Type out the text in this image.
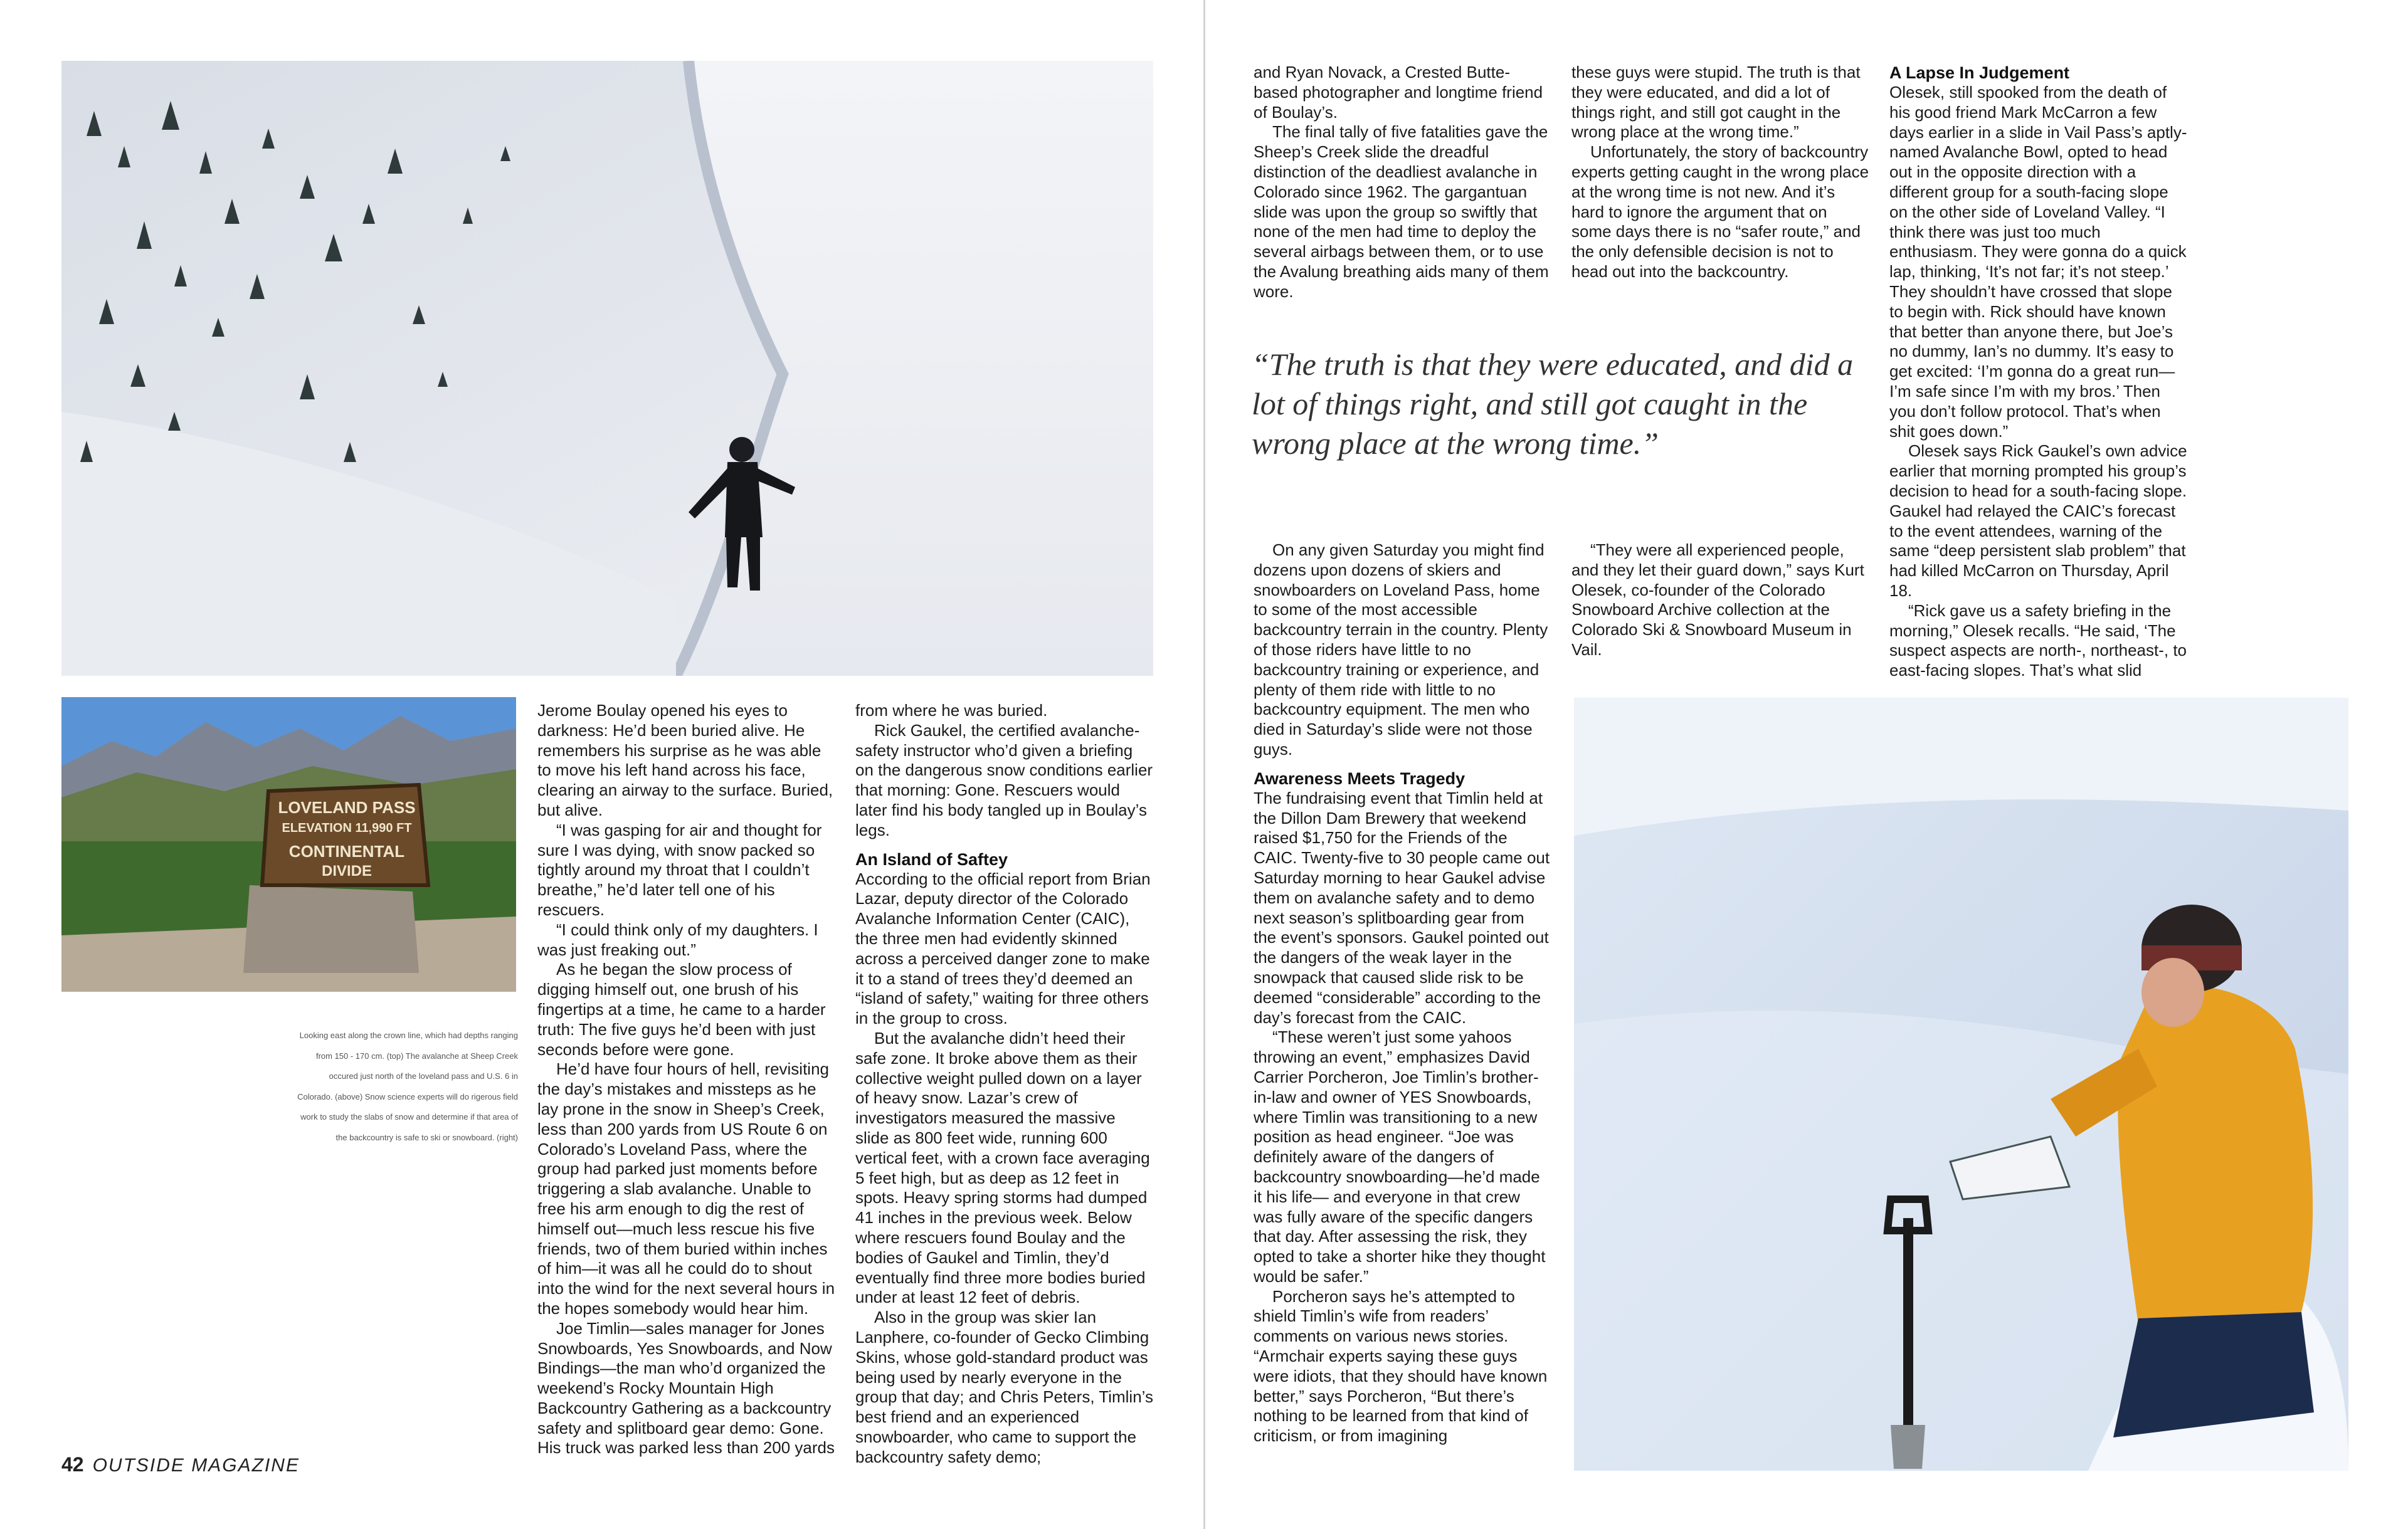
LOVELAND PASS
ELEVATION 11,990 FT
CONTINENTAL
DIVIDE
Looking east along the crown line, which had depths ranging from 150 - 170 cm. (top) The avalanche at Sheep Creek occured just north of the loveland pass and U.S. 6 in Colorado. (above) Snow science experts will do rigerous field work to study the slabs of snow and determine if that area of the backcountry is safe to ski or snowboard. (right)

Jerome Boulay opened his eyes to darkness: He’d been buried alive. He remembers his surprise as he was able to move his left hand across his face, clearing an airway to the surface. Buried, but alive.

“I was gasping for air and thought for sure I was dying, with snow packed so tightly around my throat that I couldn’t breathe,” he’d later tell one of his rescuers.

“I could think only of my daughters. I was just freaking out.”

As he began the slow process of digging himself out, one brush of his fingertips at a time, he came to a harder truth: The five guys he’d been with just seconds before were gone.

He’d have four hours of hell, revisiting the day’s mistakes and missteps as he lay prone in the snow in Sheep’s Creek, less than 200 yards from US Route 6 on Colorado’s Loveland Pass, where the group had parked just moments before triggering a slab avalanche. Unable to free his arm enough to dig the rest of himself out—much less rescue his five friends, two of them buried within inches of him—it was all he could do to shout into the wind for the next several hours in the hopes somebody would hear him.

Joe Timlin—sales manager for Jones Snowboards, Yes Snowboards, and Now Bindings—the man who’d organized the weekend’s Rocky Mountain High Backcountry Gathering as a backcountry safety and splitboard gear demo: Gone. His truck was parked less than 200 yards

from where he was buried.

Rick Gaukel, the certified avalanche-safety instructor who’d given a briefing on the dangerous snow conditions earlier that morning: Gone. Rescuers would later find his body tangled up in Boulay’s legs.

An Island of Saftey

According to the official report from Brian Lazar, deputy director of the Colorado Avalanche Information Center (CAIC), the three men had evidently skinned across a perceived danger zone to make it to a stand of trees they’d deemed an “island of safety,” waiting for three others in the group to cross.

But the avalanche didn’t heed their safe zone. It broke above them as their collective weight pulled down on a layer of heavy snow. Lazar’s crew of investigators measured the massive slide as 800 feet wide, running 600 vertical feet, with a crown face averaging 5 feet high, but as deep as 12 feet in spots. Heavy spring storms had dumped 41 inches in the previous week. Below where rescuers found Boulay and the bodies of Gaukel and Timlin, they’d eventually find three more bodies buried under at least 12 feet of debris.

Also in the group was skier Ian Lanphere, co-founder of Gecko Climbing Skins, whose gold-standard product was being used by nearly everyone in the group that day; and Chris Peters, Timlin’s best friend and an experienced snowboarder, who came to support the backcountry safety demo;

and Ryan Novack, a Crested Butte-based photographer and longtime friend of Boulay’s.

The final tally of five fatalities gave the Sheep’s Creek slide the dreadful distinction of the deadliest avalanche in Colorado since 1962. The gargantuan slide was upon the group so swiftly that none of the men had time to deploy the several airbags between them, or to use the Avalung breathing aids many of them wore.

these guys were stupid. The truth is that they were educated, and did a lot of things right, and still got caught in the wrong place at the wrong time.”

Unfortunately, the story of backcountry experts getting caught in the wrong place at the wrong time is not new. And it’s hard to ignore the argument that on some days there is no “safer route,” and the only defensible decision is not to head out into the backcountry.

A Lapse In Judgement

Olesek, still spooked from the death of his good friend Mark McCarron a few days earlier in a slide in Vail Pass’s aptly-named Avalanche Bowl, opted to head out in the opposite direction with a different group for a south-facing slope on the other side of Loveland Valley. “I think there was just too much enthusiasm. They were gonna do a quick lap, thinking, ‘It’s not far; it’s not steep.’ They shouldn’t have crossed that slope to begin with. Rick should have known that better than anyone there, but Joe’s no dummy, Ian’s no dummy. It’s easy to get excited: ‘I’m gonna do a great run—I’m safe since I’m with my bros.’ Then you don’t follow protocol. That’s when shit goes down.”

Olesek says Rick Gaukel’s own advice earlier that morning prompted his group’s decision to head for a south-facing slope. Gaukel had relayed the CAIC’s forecast to the event attendees, warning of the same “deep persistent slab problem” that had killed McCarron on Thursday, April 18.

“Rick gave us a safety briefing in the morning,” Olesek recalls. “He said, ‘The suspect aspects are north-, northeast-, to east-facing slopes. That’s what slid

“The truth is that they were educated, and did a lot of things right, and still got caught in the wrong place at the wrong time.”

On any given Saturday you might find dozens upon dozens of skiers and snowboarders on Loveland Pass, home to some of the most accessible backcountry terrain in the country. Plenty of those riders have little to no backcountry training or experience, and plenty of them ride with little to no backcountry equipment. The men who died in Saturday’s slide were not those guys.

Awareness Meets Tragedy

The fundraising event that Timlin held at the Dillon Dam Brewery that weekend raised $1,750 for the Friends of the CAIC. Twenty-five to 30 people came out Saturday morning to hear Gaukel advise them on avalanche safety and to demo next season’s splitboarding gear from the event’s sponsors. Gaukel pointed out the dangers of the weak layer in the snowpack that caused slide risk to be deemed “considerable” according to the day’s forecast from the CAIC.

“These weren’t just some yahoos throwing an event,” emphasizes David Carrier Porcheron, Joe Timlin’s brother-in-law and owner of YES Snowboards, where Timlin was transitioning to a new position as head engineer. “Joe was definitely aware of the dangers of backcountry snowboarding—he’d made it his life— and everyone in that crew was fully aware of the specific dangers that day. After assessing the risk, they opted to take a shorter hike they thought would be safer.”

Porcheron says he’s attempted to shield Timlin’s wife from readers’ comments on various news stories. “Armchair experts saying these guys were idiots, that they should have known better,” says Porcheron, “But there’s nothing to be learned from that kind of criticism, or from imagining

“They were all experienced people, and they let their guard down,” says Kurt Olesek, co-founder of the Colorado Snowboard Archive collection at the Colorado Ski & Snowboard Museum in Vail.

42 OUTSIDE MAGAZINE
